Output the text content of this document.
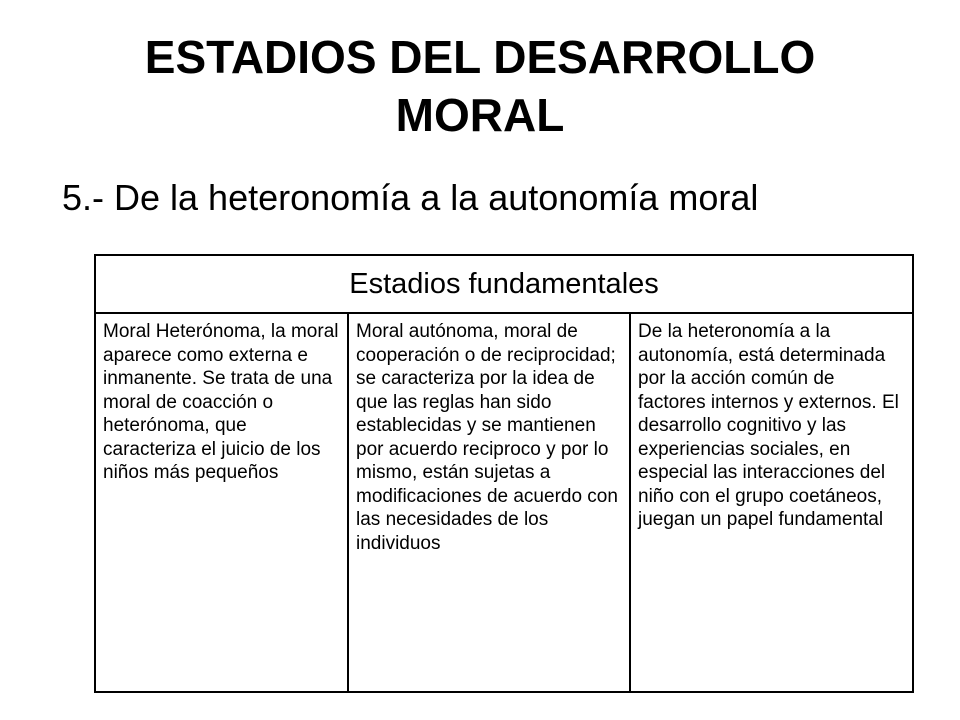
ESTADIOS DEL DESARROLLO
MORAL

5.- De la heteronomía a la autonomía moral

Estadios fundamentales
Moral Heterónoma, la moral aparece como externa e inmanente. Se trata de una moral de coacción o heterónoma, que caracteriza el juicio de los niños más pequeños	Moral autónoma, moral de cooperación o de reciprocidad; se caracteriza por la idea de que las reglas han sido establecidas y se mantienen por acuerdo reciproco y por lo mismo, están sujetas a modificaciones de acuerdo con las necesidades de los individuos	De la heteronomía a la autonomía, está determinada por la acción común de factores internos y externos. El desarrollo cognitivo y las experiencias sociales, en especial las interacciones del niño con el grupo coetáneos, juegan un papel fundamental
